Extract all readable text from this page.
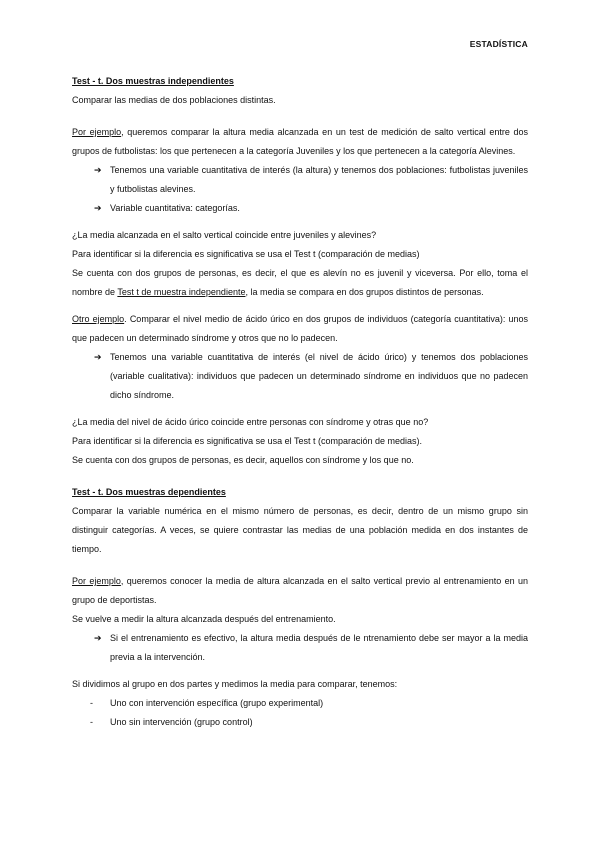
ESTADÍSTICA

Test - t. Dos muestras independientes

Comparar las medias de dos poblaciones distintas.

Por ejemplo, queremos comparar la altura media alcanzada en un test de medición de salto vertical entre dos grupos de futbolistas: los que pertenecen a la categoría Juveniles y los que pertenecen a la categoría Alevines.

➔ Tenemos una variable cuantitativa de interés (la altura) y tenemos dos poblaciones: futbolistas juveniles y futbolistas alevines.
➔ Variable cuantitativa: categorías.

¿La media alcanzada en el salto vertical coincide entre juveniles y alevines?

Para identificar si la diferencia es significativa se usa el Test t (comparación de medias)

Se cuenta con dos grupos de personas, es decir, el que es alevín no es juvenil y viceversa. Por ello, toma el nombre de Test t de muestra independiente, la media se compara en dos grupos distintos de personas.

Otro ejemplo. Comparar el nivel medio de ácido úrico en dos grupos de individuos (categoría cuantitativa): unos que padecen un determinado síndrome y otros que no lo padecen.

➔ Tenemos una variable cuantitativa de interés (el nivel de ácido úrico) y tenemos dos poblaciones (variable cualitativa): individuos que padecen un determinado síndrome en individuos que no padecen dicho síndrome.

¿La media del nivel de ácido úrico coincide entre personas con síndrome y otras que no?

Para identificar si la diferencia es significativa se usa el Test t (comparación de medias).

Se cuenta con dos grupos de personas, es decir, aquellos con síndrome y los que no.

Test - t. Dos muestras dependientes

Comparar la variable numérica en el mismo número de personas, es decir, dentro de un mismo grupo sin distinguir categorías. A veces, se quiere contrastar las medias de una población medida en dos instantes de tiempo.

Por ejemplo, queremos conocer la media de altura alcanzada en el salto vertical previo al entrenamiento en un grupo de deportistas.

Se vuelve a medir la altura alcanzada después del entrenamiento.

➔ Si el entrenamiento es efectivo, la altura media después de le ntrenamiento debe ser mayor a la media previa a la intervención.

Si dividimos al grupo en dos partes y medimos la media para comparar, tenemos:

- Uno con intervención específica (grupo experimental)
- Uno sin intervención (grupo control)
